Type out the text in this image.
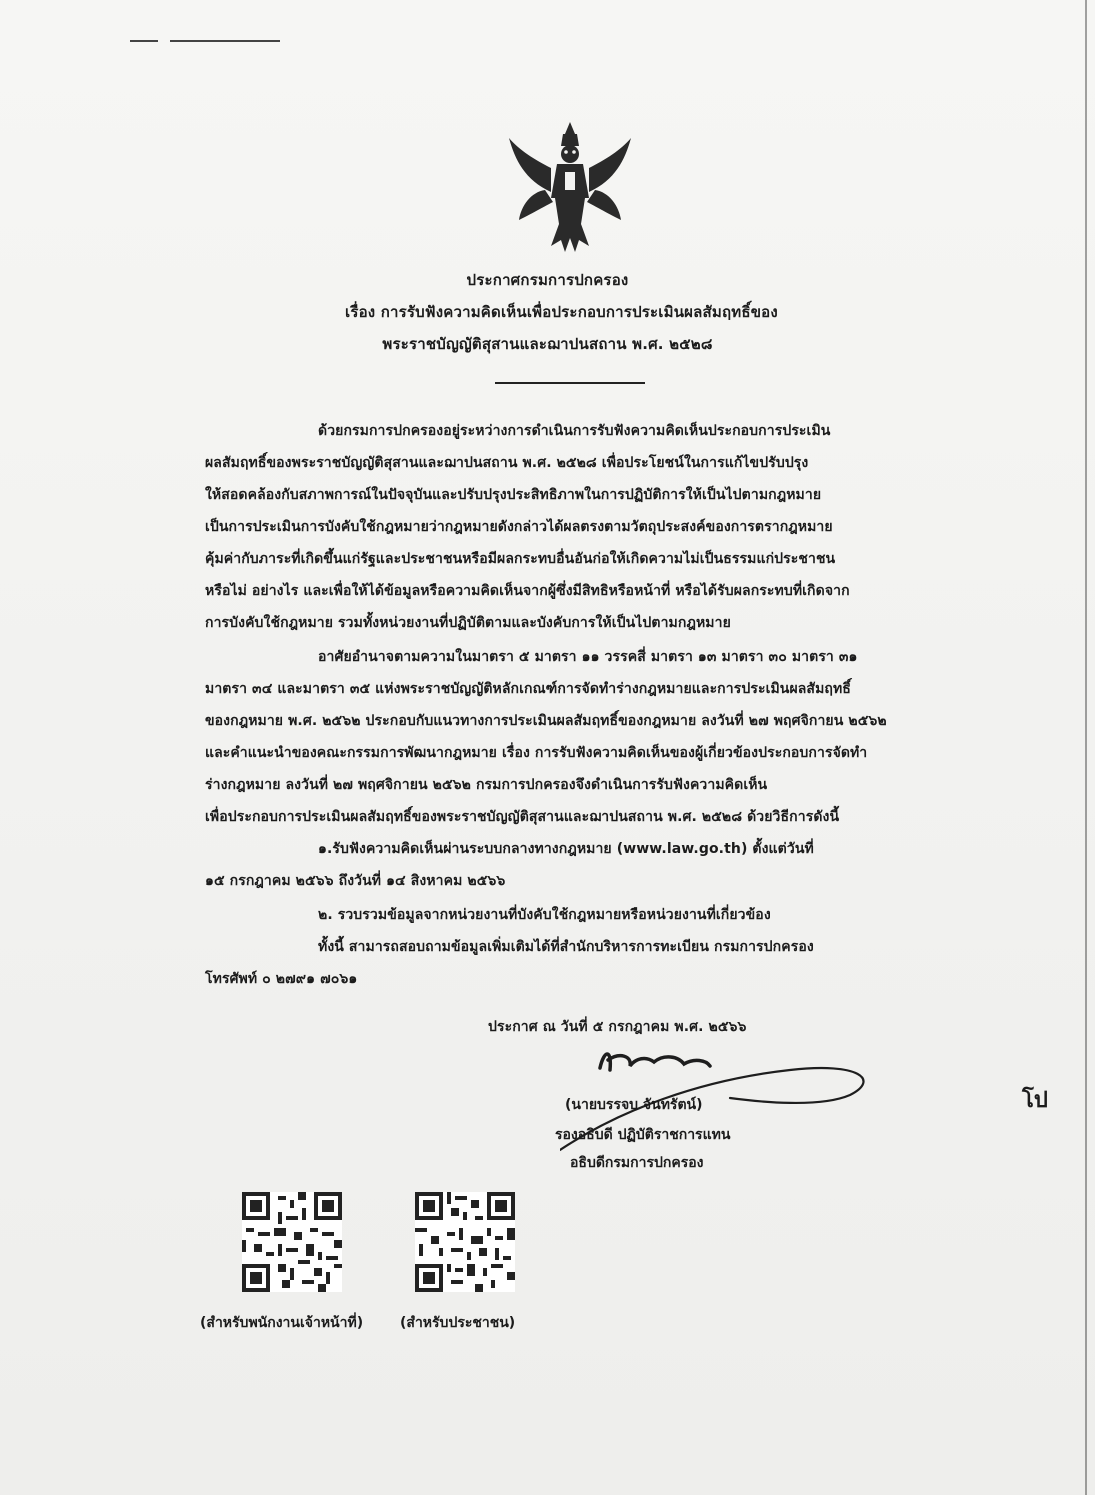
ประกาศกรมการปกครอง
เรื่อง การรับฟังความคิดเห็นเพื่อประกอบการประเมินผลสัมฤทธิ์ของ
พระราชบัญญัติสุสานและฌาปนสถาน พ.ศ. ๒๕๒๘
ด้วยกรมการปกครองอยู่ระหว่างการดำเนินการรับฟังความคิดเห็นประกอบการประเมิน
ผลสัมฤทธิ์ของพระราชบัญญัติสุสานและฌาปนสถาน พ.ศ. ๒๕๒๘ เพื่อประโยชน์ในการแก้ไขปรับปรุง
ให้สอดคล้องกับสภาพการณ์ในปัจจุบันและปรับปรุงประสิทธิภาพในการปฏิบัติการให้เป็นไปตามกฎหมาย
เป็นการประเมินการบังคับใช้กฎหมายว่ากฎหมายดังกล่าวได้ผลตรงตามวัตถุประสงค์ของการตรากฎหมาย
คุ้มค่ากับภาระที่เกิดขึ้นแก่รัฐและประชาชนหรือมีผลกระทบอื่นอันก่อให้เกิดความไม่เป็นธรรมแก่ประชาชน
หรือไม่ อย่างไร และเพื่อให้ได้ข้อมูลหรือความคิดเห็นจากผู้ซึ่งมีสิทธิหรือหน้าที่ หรือได้รับผลกระทบที่เกิดจาก
การบังคับใช้กฎหมาย รวมทั้งหน่วยงานที่ปฏิบัติตามและบังคับการให้เป็นไปตามกฎหมาย
อาศัยอำนาจตามความในมาตรา ๕ มาตรา ๑๑ วรรคสี่ มาตรา ๑๓ มาตรา ๓๐ มาตรา ๓๑
มาตรา ๓๔ และมาตรา ๓๕ แห่งพระราชบัญญัติหลักเกณฑ์การจัดทำร่างกฎหมายและการประเมินผลสัมฤทธิ์
ของกฎหมาย พ.ศ. ๒๕๖๒ ประกอบกับแนวทางการประเมินผลสัมฤทธิ์ของกฎหมาย ลงวันที่ ๒๗ พฤศจิกายน ๒๕๖๒
และคำแนะนำของคณะกรรมการพัฒนากฎหมาย เรื่อง การรับฟังความคิดเห็นของผู้เกี่ยวข้องประกอบการจัดทำ
ร่างกฎหมาย ลงวันที่ ๒๗ พฤศจิกายน ๒๕๖๒ กรมการปกครองจึงดำเนินการรับฟังความคิดเห็น
เพื่อประกอบการประเมินผลสัมฤทธิ์ของพระราชบัญญัติสุสานและฌาปนสถาน พ.ศ. ๒๕๒๘ ด้วยวิธีการดังนี้
๑.รับฟังความคิดเห็นผ่านระบบกลางทางกฎหมาย (www.law.go.th) ตั้งแต่วันที่
๑๕ กรกฎาคม ๒๕๖๖ ถึงวันที่ ๑๔ สิงหาคม ๒๕๖๖
๒. รวบรวมข้อมูลจากหน่วยงานที่บังคับใช้กฎหมายหรือหน่วยงานที่เกี่ยวข้อง
ทั้งนี้ สามารถสอบถามข้อมูลเพิ่มเติมได้ที่สำนักบริหารการทะเบียน กรมการปกครอง
โทรศัพท์ ๐ ๒๗๙๑ ๗๐๖๑
ประกาศ ณ วันที่ ๕ กรกฎาคม พ.ศ. ๒๕๖๖
(นายบรรจบ จันทรัตน์)
รองอธิบดี ปฏิบัติราชการแทน
อธิบดีกรมการปกครอง
โป
(สำหรับพนักงานเจ้าหน้าที่)	(สำหรับประชาชน)
